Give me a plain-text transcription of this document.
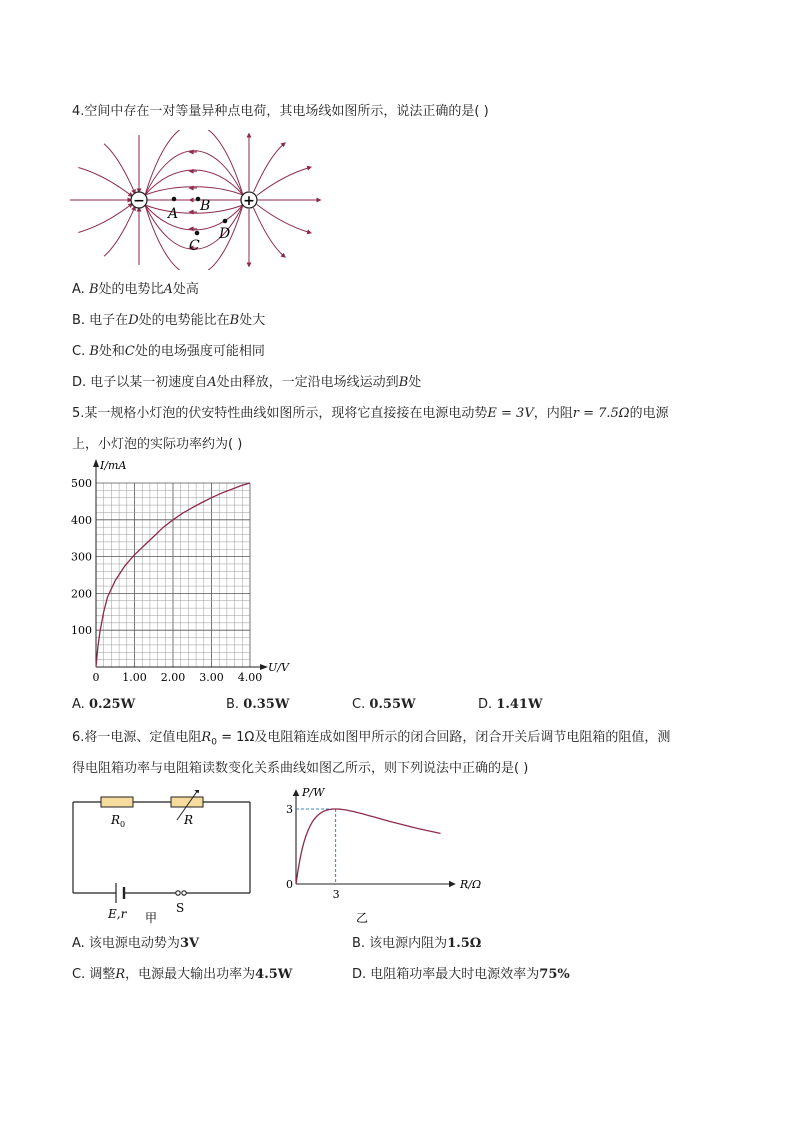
4.空间中存在一对等量异种点电荷，其电场线如图所示，说法正确的是( )
−	+
A B
C
D
A. B处的电势比A处高
B. 电子在D处的电势能比在B处大
C. B处和C处的电场强度可能相同
D. 电子以某一初速度自A处由释放，一定沿电场线运动到B处
5.某一规格小灯泡的伏安特性曲线如图所示，现将它直接接在电源电动势E = 3V，内阻r = 7.5Ω的电源
上，小灯泡的实际功率约为( )
0 1.00 2.00 3.00 4.00
100
200
300
400
500
I/mA
U/V
A. 0.25W	B. 0.35W	C. 0.55W	D. 1.41W
6.将一电源、定值电阻$R_0 = 1\Omega$及电阻箱连成如图甲所示的闭合回路，闭合开关后调节电阻箱的阻值，测
得电阻箱功率与电阻箱读数变化关系曲线如图乙所示，则下列说法中正确的是( )
$R_0$	R
E,r	S
甲
P/W
R/Ω
0
3
3
乙
A. 该电源电动势为3V	B. 该电源内阻为1.5Ω
C. 调整R，电源最大输出功率为4.5W	D. 电阻箱功率最大时电源效率为75%
